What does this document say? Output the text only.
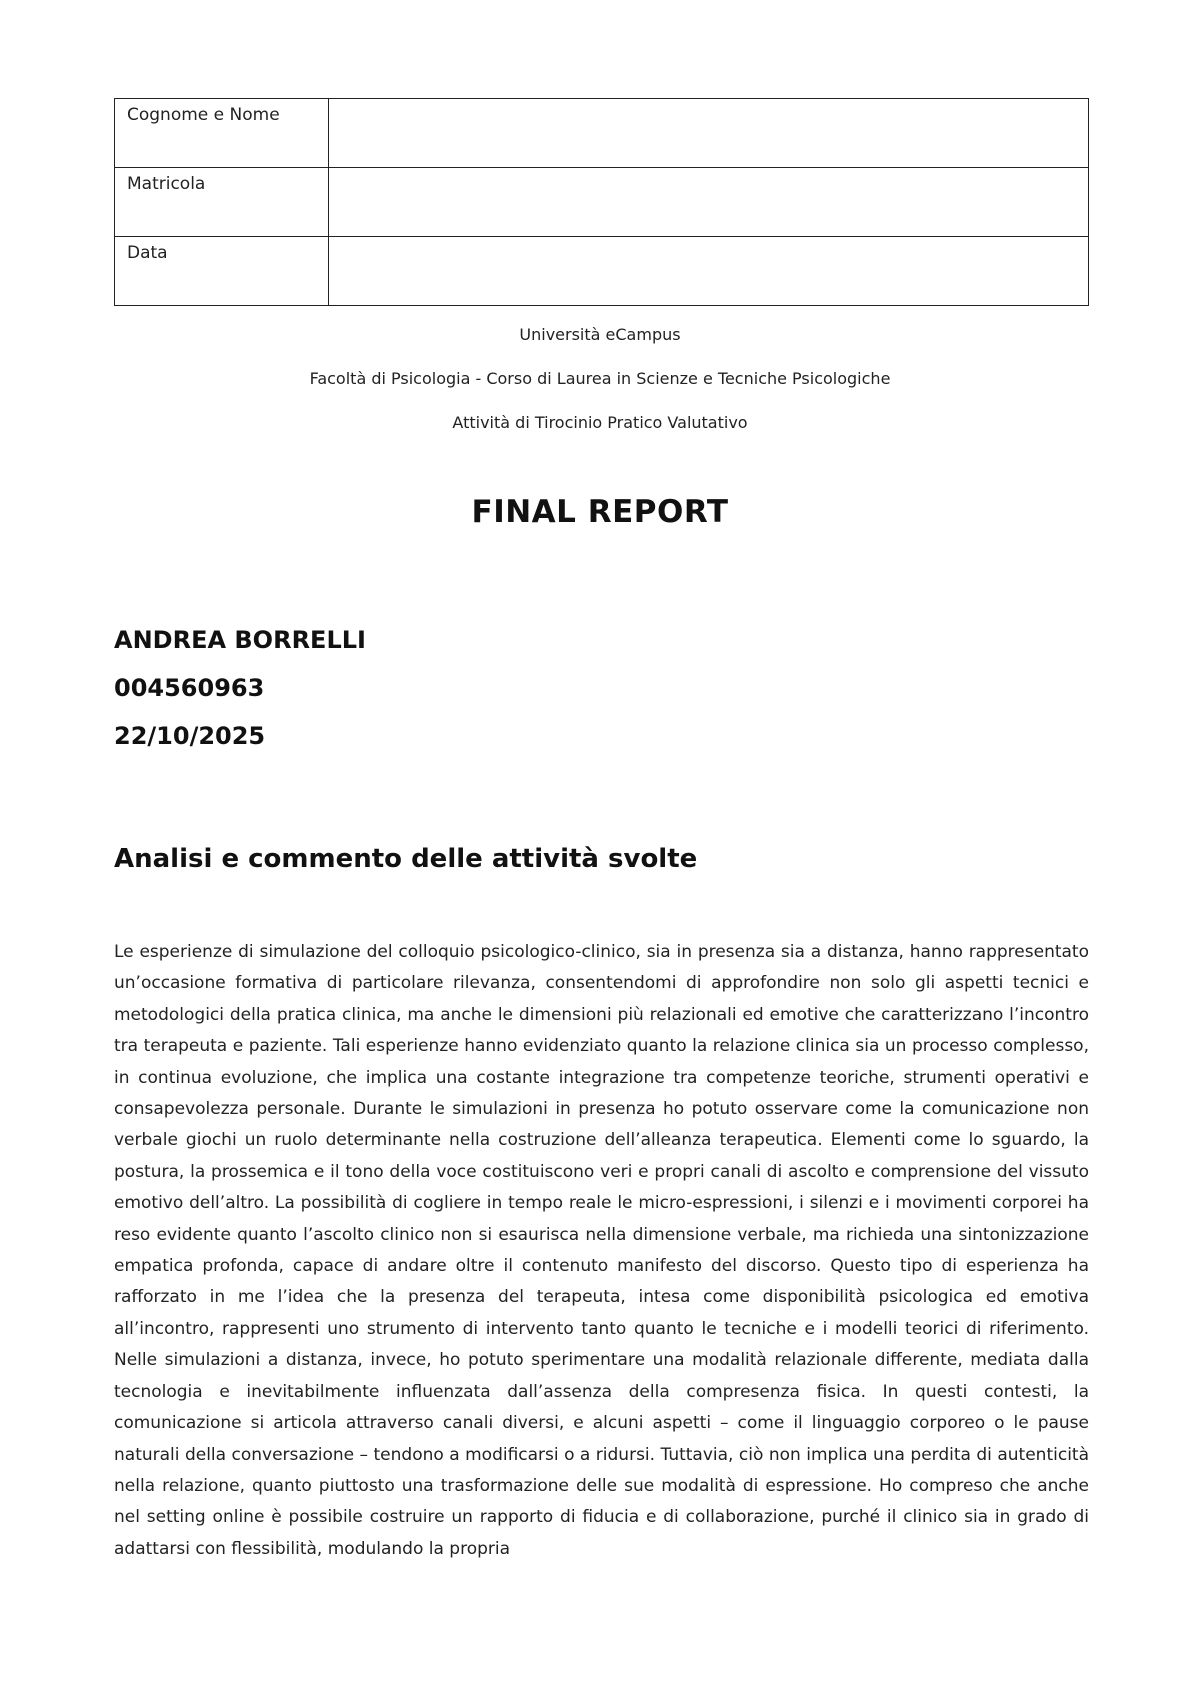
Cognome e Nome	
Matricola	
Data	
Università eCampus
Facoltà di Psicologia - Corso di Laurea in Scienze e Tecniche Psicologiche
Attività di Tirocinio Pratico Valutativo
FINAL REPORT
ANDREA BORRELLI
004560963
22/10/2025
Analisi e commento delle attività svolte

Le esperienze di simulazione del colloquio psicologico-clinico, sia in presenza sia a distanza, hanno rappresentato un’occasione formativa di particolare rilevanza, consentendomi di approfondire non solo gli aspetti tecnici e metodologici della pratica clinica, ma anche le dimensioni più relazionali ed emotive che caratterizzano l’incontro tra terapeuta e paziente. Tali esperienze hanno evidenziato quanto la relazione clinica sia un processo complesso, in continua evoluzione, che implica una costante integrazione tra competenze teoriche, strumenti operativi e consapevolezza personale. Durante le simulazioni in presenza ho potuto osservare come la comunicazione non verbale giochi un ruolo determinante nella costruzione dell’alleanza terapeutica. Elementi come lo sguardo, la postura, la prossemica e il tono della voce costituiscono veri e propri canali di ascolto e comprensione del vissuto emotivo dell’altro. La possibilità di cogliere in tempo reale le micro-espressioni, i silenzi e i movimenti corporei ha reso evidente quanto l’ascolto clinico non si esaurisca nella dimensione verbale, ma richieda una sintonizzazione empatica profonda, capace di andare oltre il contenuto manifesto del discorso. Questo tipo di esperienza ha rafforzato in me l’idea che la presenza del terapeuta, intesa come disponibilità psicologica ed emotiva all’incontro, rappresenti uno strumento di intervento tanto quanto le tecniche e i modelli teorici di riferimento. Nelle simulazioni a distanza, invece, ho potuto sperimentare una modalità relazionale differente, mediata dalla tecnologia e inevitabilmente influenzata dall’assenza della compresenza fisica. In questi contesti, la comunicazione si articola attraverso canali diversi, e alcuni aspetti – come il linguaggio corporeo o le pause naturali della conversazione – tendono a modificarsi o a ridursi. Tuttavia, ciò non implica una perdita di autenticità nella relazione, quanto piuttosto una trasformazione delle sue modalità di espressione. Ho compreso che anche nel setting online è possibile costruire un rapporto di fiducia e di collaborazione, purché il clinico sia in grado di adattarsi con flessibilità, modulando la propria
